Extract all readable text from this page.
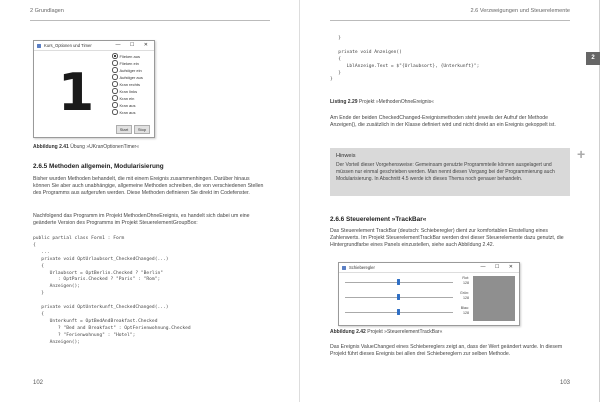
2 Grundlagen
Kurs_Optionen und Timer	— ☐ ✕
1
Flieken aus
Flieken ein
Aufstiger ein
Aufstiger aus
Kran rechts
Kran links
Kran ein
Kran aus
Kran aus
Start	Stop
Abbildung 2.41 Übung »UKranOptionenTimer«
2.6.5 Methoden allgemein, Modularisierung
Bisher wurden Methoden behandelt, die mit einem Ereignis zusammenhingen. Darüber hinaus können Sie aber auch unabhängige, allgemeine Methoden schreiben, die von verschiedenen Stellen des Programms aus aufgerufen werden. Diese Methoden definieren Sie direkt im Codefenster.
Nachfolgend das Programm im Projekt MethodenOhneEreignis, es handelt sich dabei um eine geänderte Version des Programms im Projekt SteuerelementGroupBox:
public partial class Form1 : Form
{
...
private void OptUrlaubsort_CheckedChanged(...)
{
Urlaubsort = OptBerlin.Checked ? "Berlin"
: OptParis.Checked ? "Paris" : "Rom";
Anzeigen();
}

private void OptUnterkunft_CheckedChanged(...)
{
Unterkunft = OptBedAndBreakfast.Checked
? "Bed and Breakfast" : OptFerienwohnung.Checked
? "Ferienwohnung" : "Hotel";
Anzeigen();
102
2.6 Verzweigungen und Steuerelemente
2
}

private void Anzeigen()
{
LblAnzeige.Text = $"{Urlaubsort}, {Unterkunft}";
}
}
Listing 2.29 Projekt »MethodenOhneEreignis«
Am Ende der beiden CheckedChanged-Ereignismethoden steht jeweils der Aufruf der Methode Anzeigen(), die zusätzlich in der Klasse definiert wird und nicht direkt an ein Ereignis gekoppelt ist.
Hinweis
Der Vorteil dieser Vorgehensweise: Gemeinsam genutzte Programmteile können ausgelagert und müssen nur einmal geschrieben werden. Man nennt diesen Vorgang bei der Programmierung auch Modularisierung. In Abschnitt 4.5 werde ich dieses Thema noch genauer behandeln.
+
2.6.6 Steuerelement »TrackBar«
Das Steuerelement TrackBar (deutsch: Schieberegler) dient zur komfortablen Einstellung eines Zahlenwerts. Im Projekt SteuerelementTrackBar werden drei dieser Steuerelemente dazu genutzt, die Hintergrundfarbe eines Panels einzustellen, siehe auch Abbildung 2.42.
Schieberegler	— ☐ ✕
Rot:
128
Grün:
128
Blau:
128
Abbildung 2.42 Projekt »SteuerelementTrackBar«
Das Ereignis ValueChanged eines Schiebereglers zeigt an, dass der Wert geändert wurde. In diesem Projekt führt dieses Ereignis bei allen drei Schiebereglern zur selben Methode.
103
